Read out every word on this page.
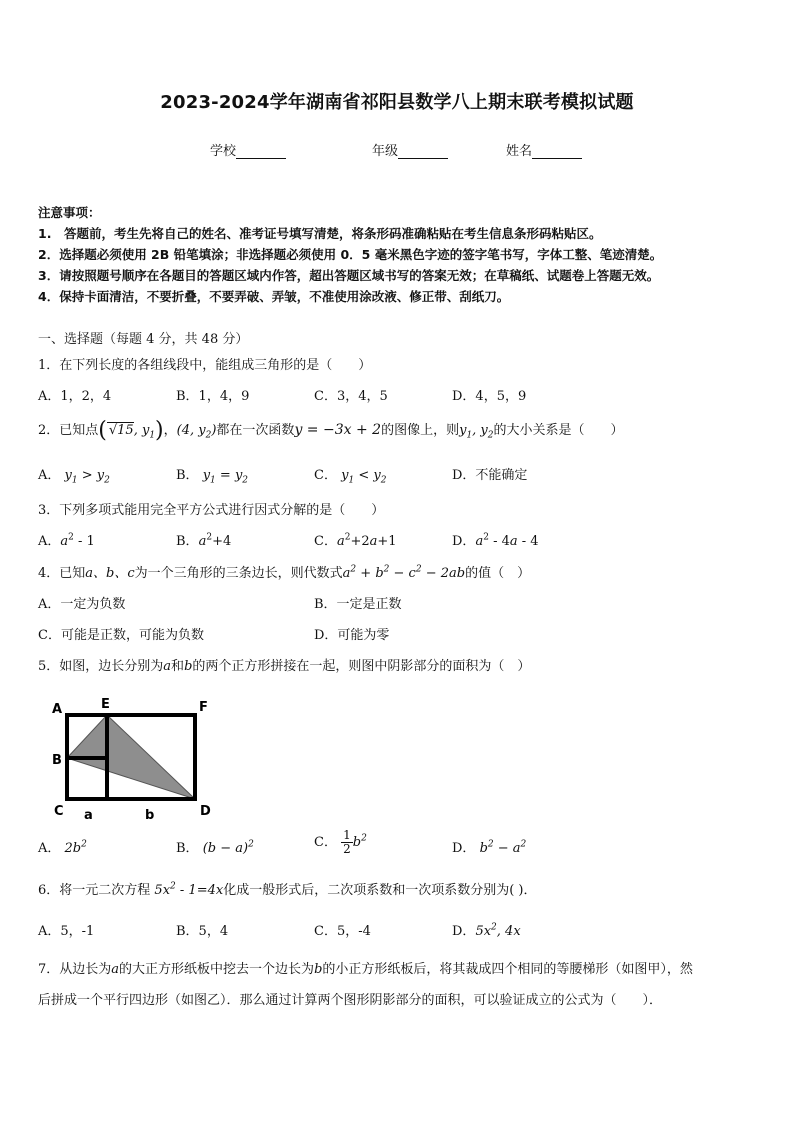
2023-2024学年湖南省祁阳县数学八上期末联考模拟试题
学校	年级	姓名
注意事项：
1.　答题前，考生先将自己的姓名、准考证号填写清楚，将条形码准确粘贴在考生信息条形码粘贴区。
2．选择题必须使用 2B 铅笔填涂；非选择题必须使用 0．5 毫米黑色字迹的签字笔书写，字体工整、笔迹清楚。
3．请按照题号顺序在各题目的答题区域内作答，超出答题区域书写的答案无效；在草稿纸、试题卷上答题无效。
4．保持卡面清洁，不要折叠，不要弄破、弄皱，不准使用涂改液、修正带、刮纸刀。
一、选择题（每题 4 分，共 48 分）
1．在下列长度的各组线段中，能组成三角形的是（　　）
A．1，2，4	B．1，4，9	C．3，4，5	D．4，5，9
2．已知点( √15, $y_1$)，(4, $y_2$)都在一次函数y = −3x + 2的图像上，则$y_1$, $y_2$的大小关系是（　　）
A． $y_1 > y_2$	B． $y_1 = y_2$	C． $y_1 < y_2$	D．不能确定
3．下列多项式能用完全平方公式进行因式分解的是（　　）
A．$a^2 - 1$	B．$a^2+4$	C．$a^2+2a+1$	D．$a^2 - 4a - 4$
4．已知a、b、c为一个三角形的三条边长，则代数式$a^2 + b^2 - c^2 - 2ab$的值（　）
A．一定为负数	B．一定是正数
C．可能是正数，可能为负数	D．可能为零
5．如图，边长分别为a和b的两个正方形拼接在一起，则图中阴影部分的面积为（　）
A	E	F
B
C	D
a	b
A． $2b^2$	B． $(b - a)^2$	C． $\frac{1}{2} b^2$
D． $b^2 - a^2$
6．将一元二次方程 $5x^2 - 1=4x$化成一般形式后，二次项系数和一次项系数分别为( )．
A．5，-1	B．5，4	C．5，-4	D．$5x^2$, 4x
7．从边长为a的大正方形纸板中挖去一个边长为b的小正方形纸板后，将其裁成四个相同的等腰梯形（如图甲），然
后拼成一个平行四边形（如图乙）．那么通过计算两个图形阴影部分的面积，可以验证成立的公式为（　　）．
